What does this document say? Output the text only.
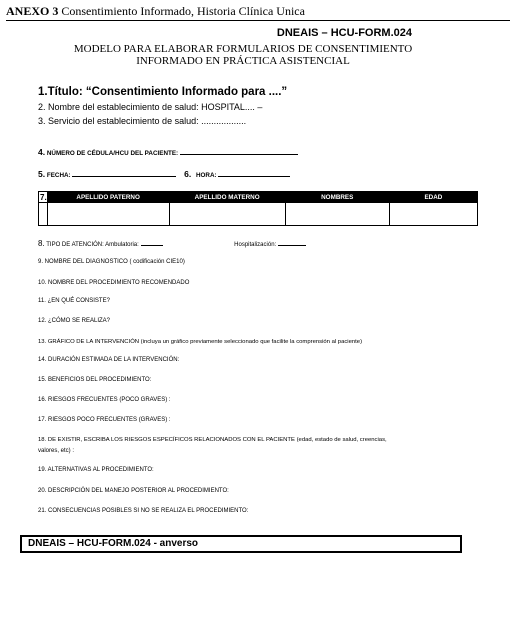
ANEXO 3 Consentimiento Informado, Historia Clínica Unica
DNEAIS – HCU-FORM.024
MODELO PARA ELABORAR FORMULARIOS DE CONSENTIMIENTO
INFORMADO EN PRÁCTICA ASISTENCIAL
1.Título: “Consentimiento Informado para ....”
2. Nombre del establecimiento de salud: HOSPITAL.... –
3. Servicio del establecimiento de salud: ..................
4. NÚMERO DE CÉDULA/HCU DEL PACIENTE:
5. FECHA:	6. HORA:
7.	APELLIDO PATERNO	APELLIDO MATERNO	NOMBRES	EDAD

8. TIPO DE ATENCIÓN: Ambulatoria:	Hospitalización:
9. NOMBRE DEL DIAGNOSTICO ( codificación CIE10)
10. NOMBRE DEL PROCEDIMIENTO RECOMENDADO
11. ¿EN QUÉ CONSISTE?
12. ¿CÓMO SE REALIZA?
13. GRÁFICO DE LA INTERVENCIÓN (incluya un gráfico previamente seleccionado que facilite la comprensión al paciente)
14. DURACIÓN ESTIMADA DE LA INTERVENCIÓN:
15. BENEFICIOS DEL PROCEDIMIENTO:
16. RIESGOS FRECUENTES (POCO GRAVES) :
17. RIESGOS POCO FRECUENTES (GRAVES) :
18. DE EXISTIR, ESCRIBA LOS RIESGOS ESPECÍFICOS RELACIONADOS CON EL PACIENTE (edad, estado de salud, creencias,
valores, etc) :
19. ALTERNATIVAS AL PROCEDIMIENTO:
20. DESCRIPCIÓN DEL MANEJO POSTERIOR AL PROCEDIMIENTO:
21. CONSECUENCIAS POSIBLES SI NO SE REALIZA EL PROCEDIMIENTO:
DNEAIS – HCU-FORM.024 - anverso
